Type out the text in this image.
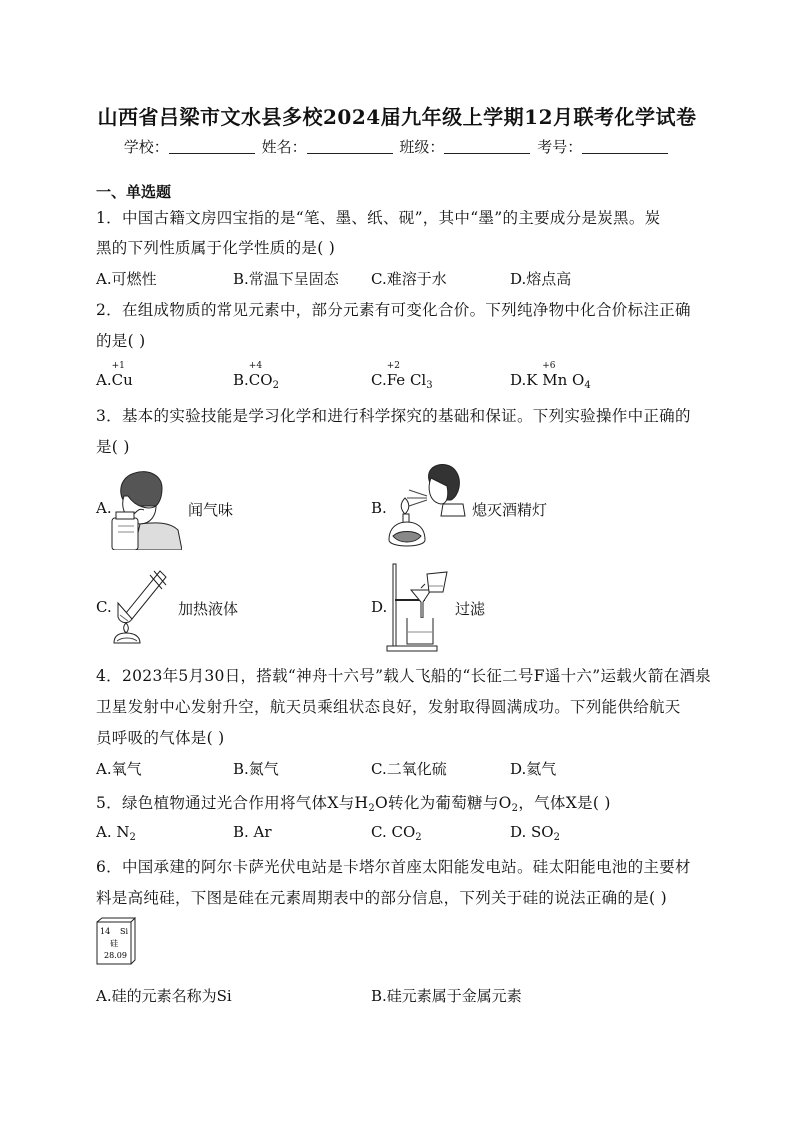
山西省吕梁市文水县多校2024届九年级上学期12月联考化学试卷
学校：	姓名：	班级：	考号：
一、单选题
1．中国古籍文房四宝指的是“笔、墨、纸、砚”，其中“墨”的主要成分是炭黑。炭
黑的下列性质属于化学性质的是( )
A.可燃性	B.常温下呈固态 C.难溶于水	D.熔点高
2．在组成物质的常见元素中，部分元素有可变化合价。下列纯净物中化合价标注正确
的是( )
A.
+1
Cu	B.
+4
$CO_2$	C.
+2
Fe $Cl_3$	D.K
+6
Mn $O_4$
3．基本的实验技能是学习化学和进行科学探究的基础和保证。下列实验操作中正确的
是( )
A.	闻气味	B.	熄灭酒精灯
C.	加热液体	D.	过滤
4．2023年5月30日，搭载“神舟十六号”载人飞船的“长征二号F遥十六”运载火箭在酒泉
卫星发射中心发射升空，航天员乘组状态良好，发射取得圆满成功。下列能供给航天
员呼吸的气体是( )
A.氧气	B.氮气	C.二氧化硫	D.氦气
5．绿色植物通过光合作用将气体X与$H_2O$转化为葡萄糖与$O_2$，气体X是( )
A. $N_2$	B. Ar	C. $CO_2$	D. $SO_2$
6．中国承建的阿尔卡萨光伏电站是卡塔尔首座太阳能发电站。硅太阳能电池的主要材
料是高纯硅，下图是硅在元素周期表中的部分信息，下列关于硅的说法正确的是( )
14 Si
硅
28.09
A.硅的元素名称为Si	B.硅元素属于金属元素
